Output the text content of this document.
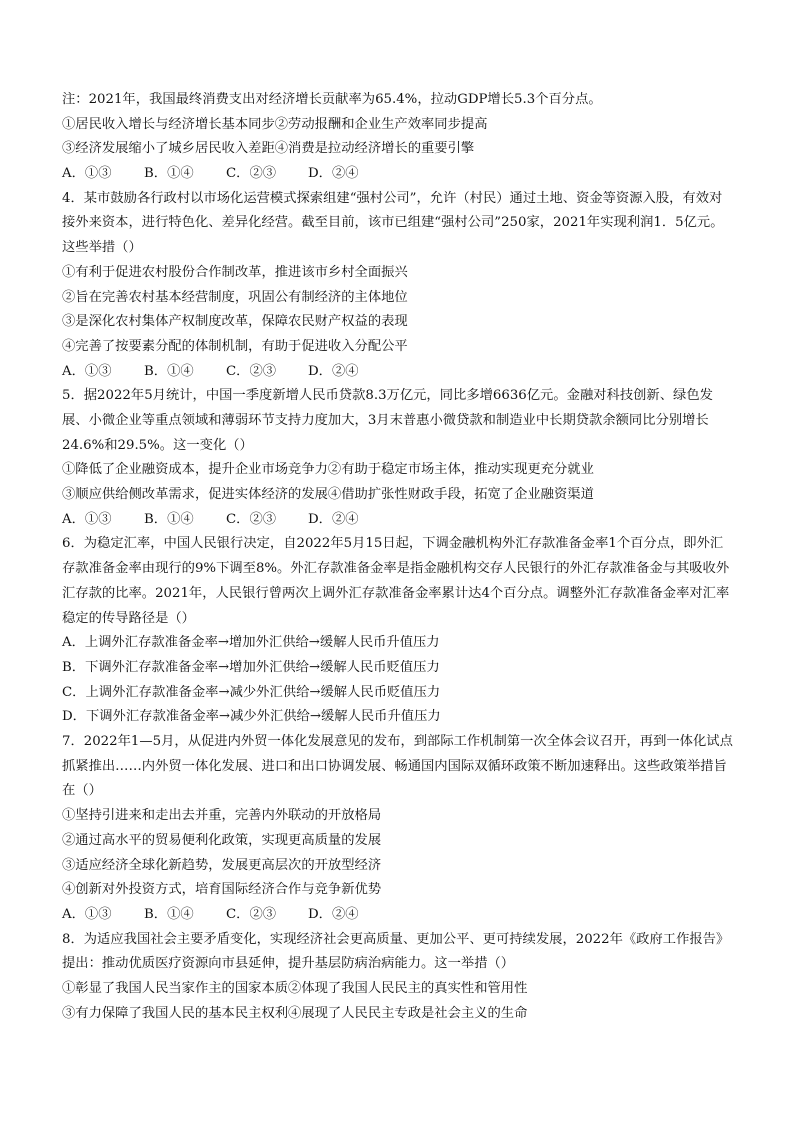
注：2021年，我国最终消费支出对经济增长贡献率为65.4%，拉动GDP增长5.3个百分点。
①居民收入增长与经济增长基本同步②劳动报酬和企业生产效率同步提高
③经济发展缩小了城乡居民收入差距④消费是拉动经济增长的重要引擎
A．①③	B．①④	C．②③	D．②④
4．某市鼓励各行政村以市场化运营模式探索组建“强村公司”，允许（村民）通过土地、资金等资源入股，有效对接外来资本，进行特色化、差异化经营。截至目前，该市已组建“强村公司”250家，2021年实现利润1．5亿元。这些举措（）
①有利于促进农村股份合作制改革，推进该市乡村全面振兴
②旨在完善农村基本经营制度，巩固公有制经济的主体地位
③是深化农村集体产权制度改革，保障农民财产权益的表现
④完善了按要素分配的体制机制，有助于促进收入分配公平
A．①③	B．①④	C．②③	D．②④
5．据2022年5月统计，中国一季度新增人民币贷款8.3万亿元，同比多增6636亿元。金融对科技创新、绿色发展、小微企业等重点领域和薄弱环节支持力度加大，3月末普惠小微贷款和制造业中长期贷款余额同比分别增长24.6%和29.5%。这一变化（）
①降低了企业融资成本，提升企业市场竞争力②有助于稳定市场主体，推动实现更充分就业
③顺应供给侧改革需求，促进实体经济的发展④借助扩张性财政手段，拓宽了企业融资渠道
A．①③	B．①④	C．②③	D．②④
6．为稳定汇率，中国人民银行决定，自2022年5月15日起，下调金融机构外汇存款准备金率1个百分点，即外汇存款准备金率由现行的9%下调至8%。外汇存款准备金率是指金融机构交存人民银行的外汇存款准备金与其吸收外汇存款的比率。2021年，人民银行曾两次上调外汇存款准备金率累计达4个百分点。调整外汇存款准备金率对汇率稳定的传导路径是（）
A．上调外汇存款准备金率→增加外汇供给→缓解人民币升值压力
B．下调外汇存款准备金率→增加外汇供给→缓解人民币贬值压力
C．上调外汇存款准备金率→减少外汇供给→缓解人民币贬值压力
D．下调外汇存款准备金率→减少外汇供给→缓解人民币升值压力
7．2022年1—5月，从促进内外贸一体化发展意见的发布，到部际工作机制第一次全体会议召开，再到一体化试点抓紧推出……内外贸一体化发展、进口和出口协调发展、畅通国内国际双循环政策不断加速释出。这些政策举措旨在（）
①坚持引进来和走出去并重，完善内外联动的开放格局
②通过高水平的贸易便利化政策，实现更高质量的发展
③适应经济全球化新趋势，发展更高层次的开放型经济
④创新对外投资方式，培育国际经济合作与竞争新优势
A．①③	B．①④	C．②③	D．②④
8．为适应我国社会主要矛盾变化，实现经济社会更高质量、更加公平、更可持续发展，2022年《政府工作报告》提出：推动优质医疗资源向市县延伸，提升基层防病治病能力。这一举措（）
①彰显了我国人民当家作主的国家本质②体现了我国人民民主的真实性和管用性
③有力保障了我国人民的基本民主权利④展现了人民民主专政是社会主义的生命
